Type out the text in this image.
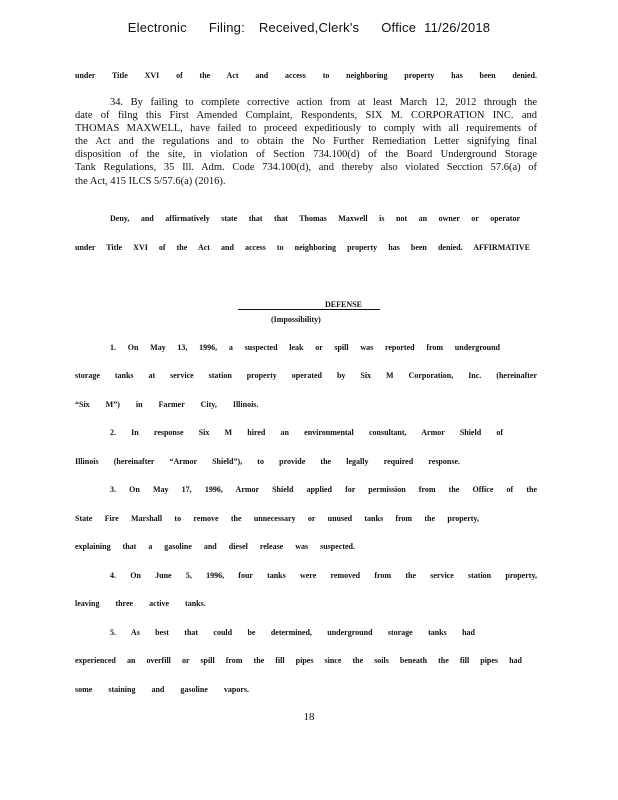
Electronic Filing: Received,Clerk's Office 11/26/2018
under Title XVI of the Act and access to neighboring property has been denied.
34. By failing to complete corrective action from at least March 12, 2012 through the
date of filng this First Amended Complaint, Respondents, SIX M. CORPORATION INC. and
THOMAS MAXWELL, have failed to proceed expeditiously to comply with all requirements of
the Act and the regulations and to obtain the No Further Remediation Letter signifying final
disposition of the site, in violation of Section 734.100(d) of the Board Underground Storage
Tank Regulations, 35 Ill. Adm. Code 734.100(d), and thereby also violated Secction 57.6(a) of
the Act, 415 ILCS 5/57.6(a) (2016).
Deny, and affirmatively state that that Thomas Maxwell is not an owner or operator
under Title XVI of the Act and access to neighboring property has been denied. AFFIRMATIVE
DEFENSE
(Impossibility)
1. On May 13, 1996, a suspected leak or spill was reported from underground
storage tanks at service station property operated by Six M Corporation, Inc. (hereinafter
“Six M”) in Farmer City, Illinois.
2. In response Six M hired an environmental consultant, Armor Shield of
Illinois (hereinafter “Armor Shield”), to provide the legally required response.
3. On May 17, 1996, Armor Shield applied for permission from the Office of the
State Fire Marshall to remove the unnecessary or unused tanks from the property,
explaining that a gasoline and diesel release was suspected.
4. On June 5, 1996, four tanks were removed from the service station property,
leaving three active tanks.
5. As best that could be determined, underground storage tanks had
experienced an overfill or spill from the fill pipes since the soils beneath the fill pipes had
some staining and gasoline vapors.
18
